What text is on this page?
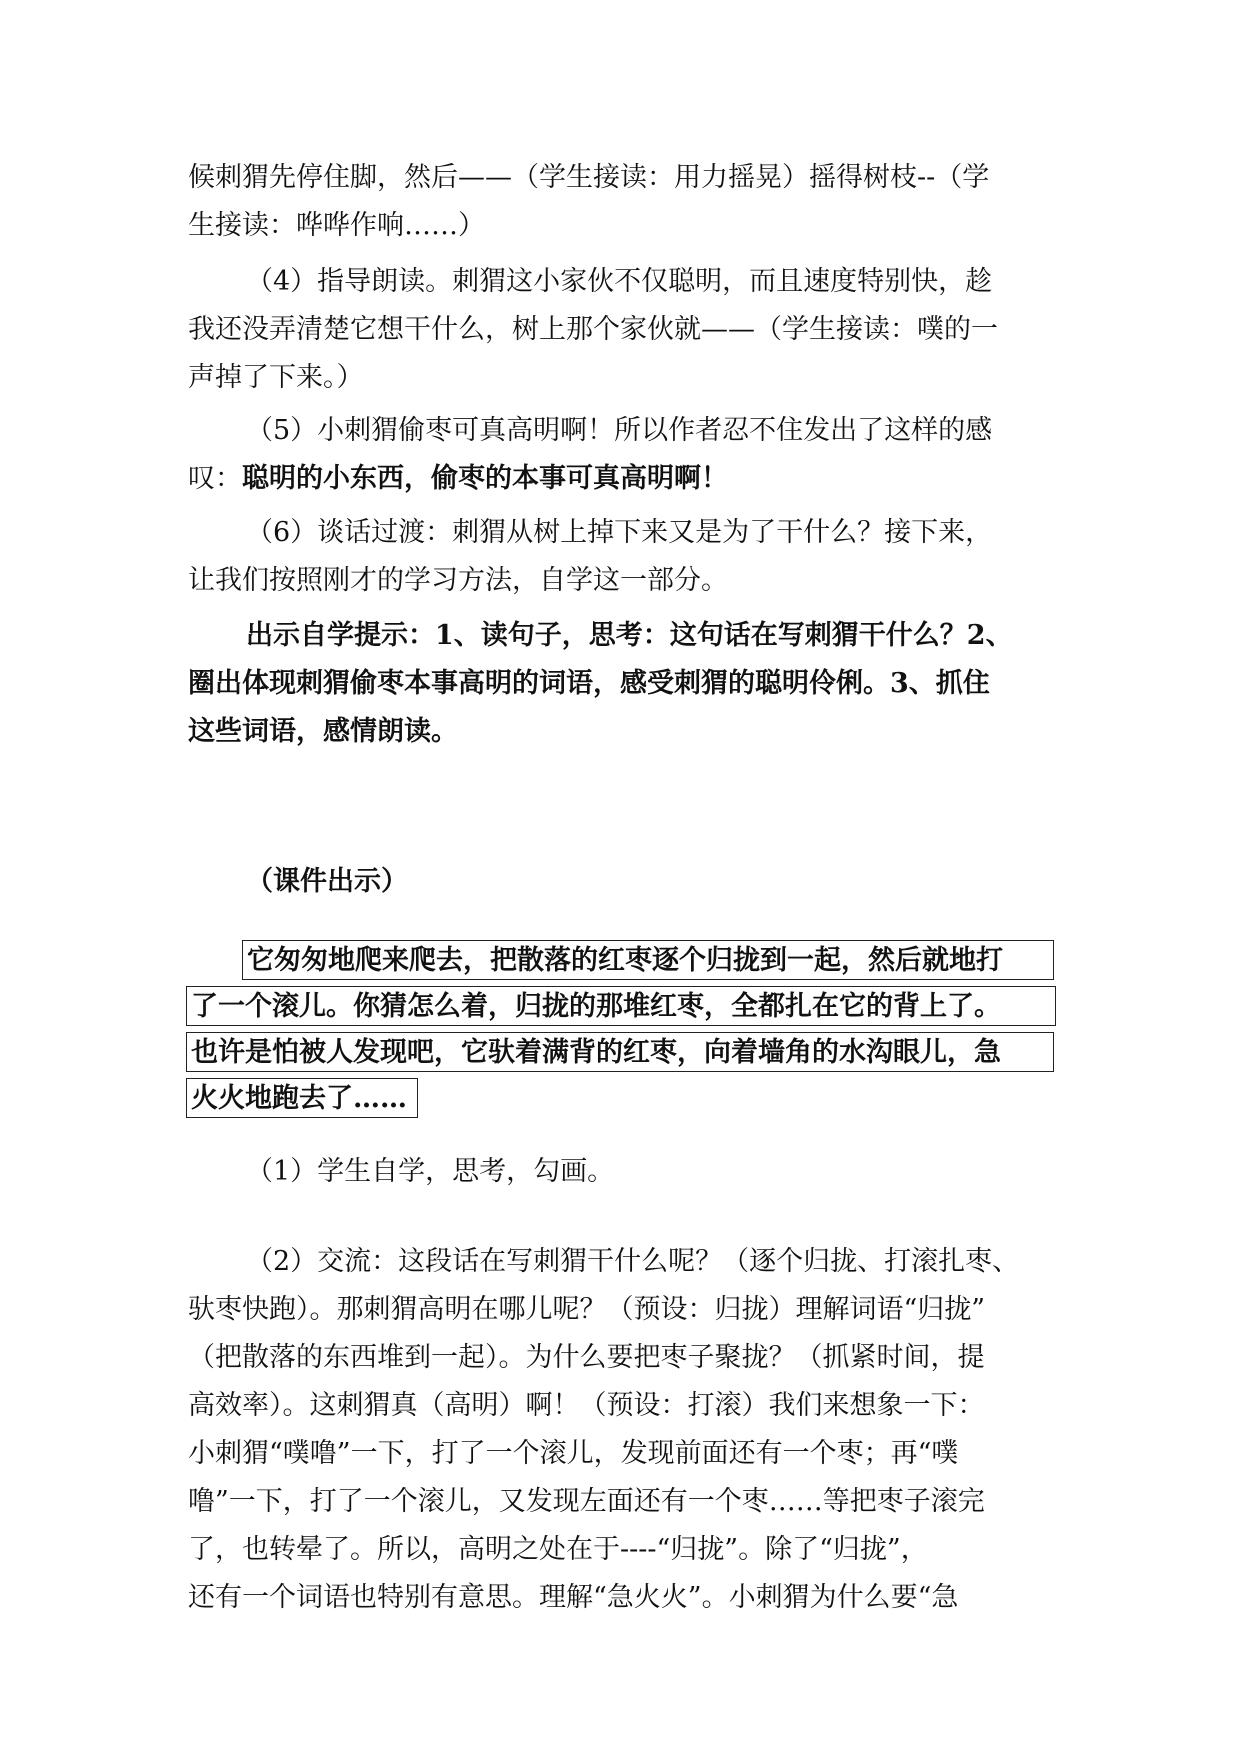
候刺猬先停住脚，然后——（学生接读：用力摇晃）摇得树枝--（学
生接读：哗哗作响……）

（4）指导朗读。刺猬这小家伙不仅聪明，而且速度特别快，趁
我还没弄清楚它想干什么，树上那个家伙就——（学生接读：噗的一
声掉了下来。）

（5）小刺猬偷枣可真高明啊！所以作者忍不住发出了这样的感
叹：聪明的小东西，偷枣的本事可真高明啊！

（6）谈话过渡：刺猬从树上掉下来又是为了干什么？接下来，
让我们按照刚才的学习方法，自学这一部分。

出示自学提示：1、读句子，思考：这句话在写刺猬干什么？2、
圈出体现刺猬偷枣本事高明的词语，感受刺猬的聪明伶俐。3、抓住
这些词语，感情朗读。

（课件出示）

它匆匆地爬来爬去，把散落的红枣逐个归拢到一起，然后就地打
了一个滚儿。你猜怎么着，归拢的那堆红枣，全都扎在它的背上了。
也许是怕被人发现吧，它驮着满背的红枣，向着墙角的水沟眼儿，急
火火地跑去了……

（1）学生自学，思考，勾画。

（2）交流：这段话在写刺猬干什么呢？（逐个归拢、打滚扎枣、
驮枣快跑）。那刺猬高明在哪儿呢？（预设：归拢）理解词语“归拢”
（把散落的东西堆到一起）。为什么要把枣子聚拢？（抓紧时间，提
高效率）。这刺猬真（高明）啊！（预设：打滚）我们来想象一下：
小刺猬“噗噜”一下，打了一个滚儿，发现前面还有一个枣；再“噗
噜”一下，打了一个滚儿，又发现左面还有一个枣……等把枣子滚完
了，也转晕了。所以，高明之处在于----“归拢”。除了“归拢”，
还有一个词语也特别有意思。理解“急火火”。小刺猬为什么要“急
